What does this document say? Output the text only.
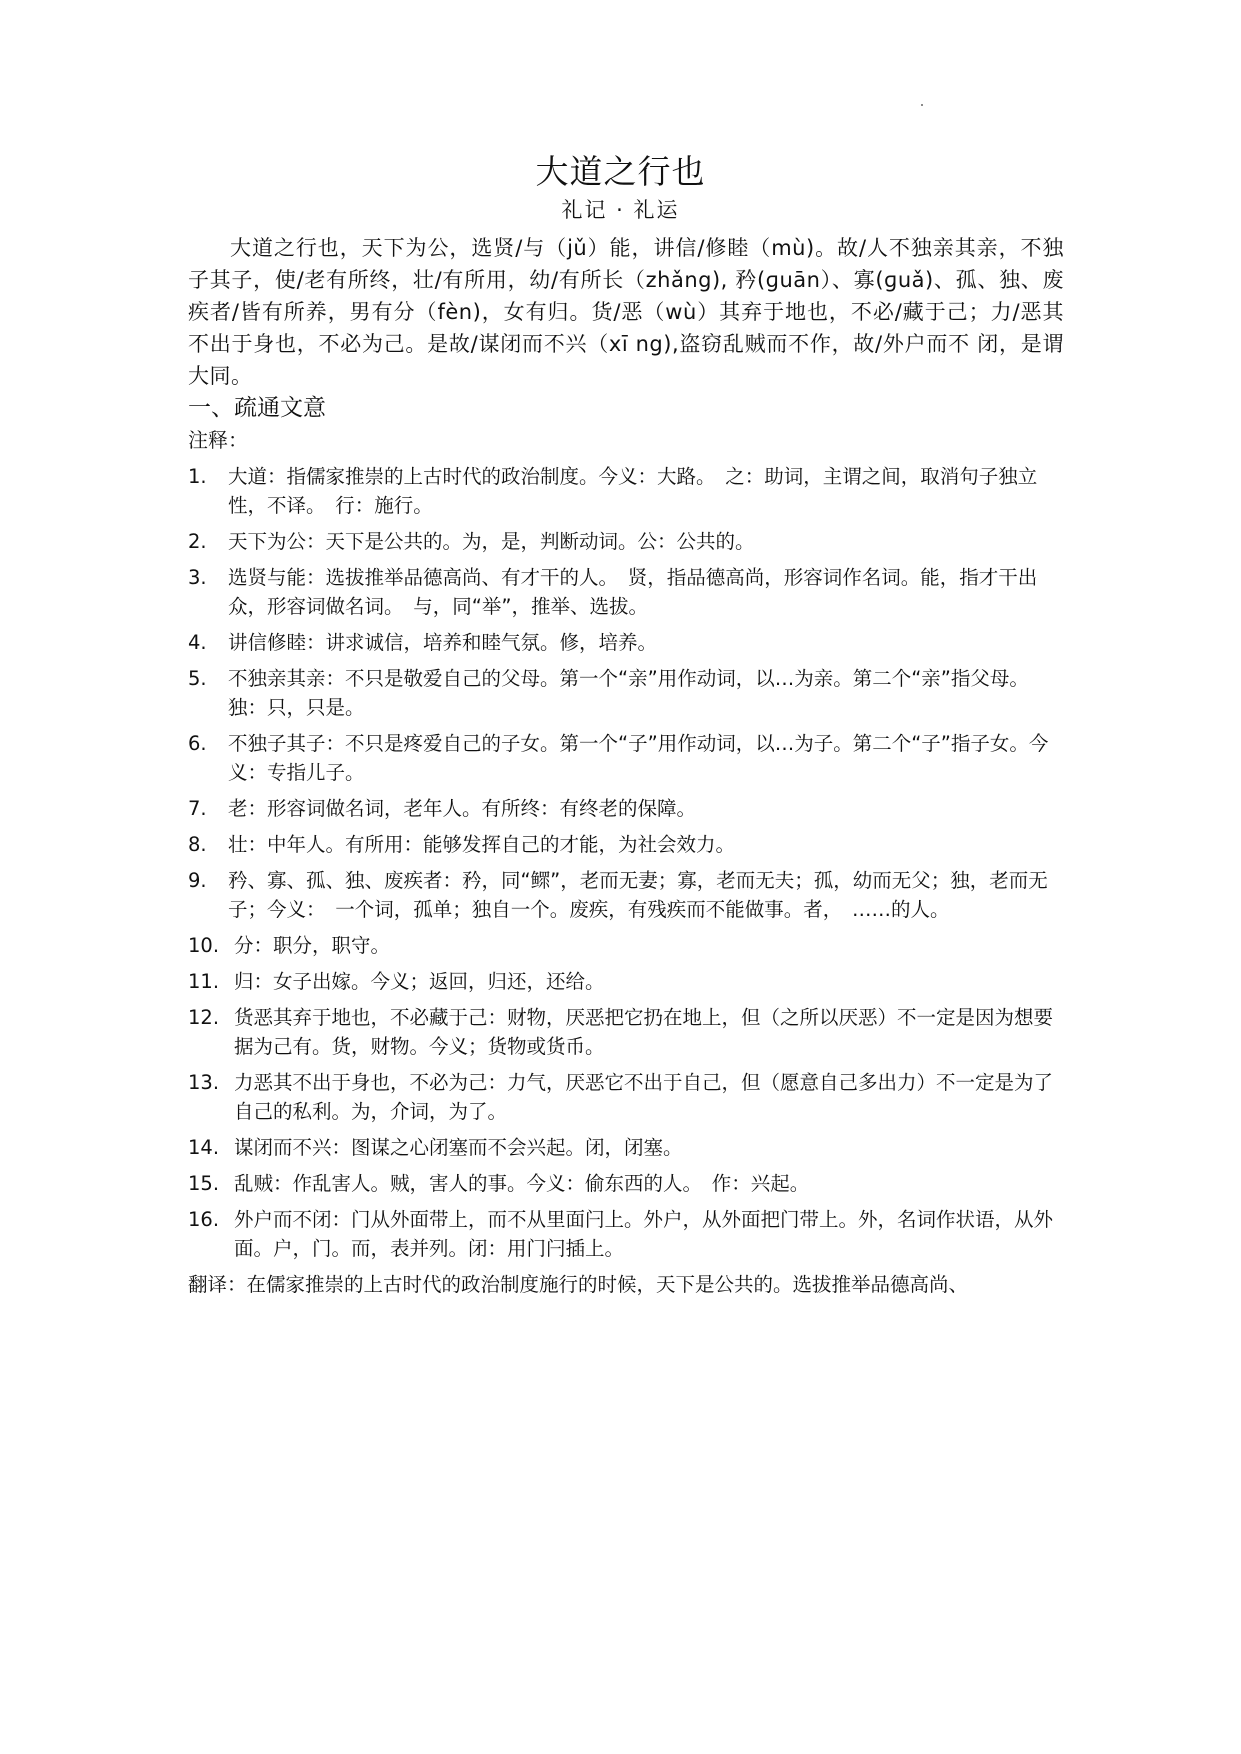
大道之行也
礼记 · 礼运

大道之行也，天下为公，选贤/与（jǔ）能，讲信/修睦（mù)。故/人不独亲其亲，不独子其子，使/老有所终，壮/有所用，幼/有所长（zhǎng), 矜(ɡuān）、寡(ɡuǎ)、孤、独、废疾者/皆有所养，男有分（fèn)，女有归。货/恶（wù）其弃于地也，不必/藏于己；力/恶其不出于身也，不必为己。是故/谋闭而不兴（xī ng),盗窃乱贼而不作，故/外户而不 闭，是谓大同。

一、疏通文意

注释：

1.	大道：指儒家推崇的上古时代的政治制度。今义：大路。　之：助词，主谓之间，取消句子独立性，不译。　行：施行。
2.	天下为公：天下是公共的。为，是，判断动词。公：公共的。
3.	选贤与能：选拔推举品德高尚、有才干的人。　贤，指品德高尚，形容词作名词。能，指才干出众，形容词做名词。　与，同“举”，推举、选拔。
4.	讲信修睦：讲求诚信，培养和睦气氛。修，培养。
5.	不独亲其亲：不只是敬爱自己的父母。第一个“亲”用作动词，以…为亲。第二个“亲”指父母。独：只，只是。
6.	不独子其子：不只是疼爱自己的子女。第一个“子”用作动词，以…为子。第二个“子”指子女。今义：专指儿子。
7.	老：形容词做名词，老年人。有所终：有终老的保障。
8.	壮：中年人。有所用：能够发挥自己的才能，为社会效力。
9.	矜、寡、孤、独、废疾者：矜，同“鳏”，老而无妻；寡，老而无夫；孤，幼而无父；独，老而无子；今义：　一个词，孤单；独自一个。废疾，有残疾而不能做事。者，　……的人。
10. 分：职分，职守。
11. 归：女子出嫁。今义；返回，归还，还给。
12. 货恶其弃于地也，不必藏于己：财物，厌恶把它扔在地上，但（之所以厌恶）不一定是因为想要据为己有。货，财物。今义；货物或货币。
13. 力恶其不出于身也，不必为己：力气，厌恶它不出于自己，但（愿意自己多出力）不一定是为了自己的私利。为，介词，为了。
14. 谋闭而不兴：图谋之心闭塞而不会兴起。闭，闭塞。
15. 乱贼：作乱害人。贼，害人的事。今义：偷东西的人。　作：兴起。
16. 外户而不闭：门从外面带上，而不从里面闩上。外户，从外面把门带上。外，名词作状语，从外面。户，门。而，表并列。闭：用门闩插上。

翻译：在儒家推崇的上古时代的政治制度施行的时候，天下是公共的。选拔推举品德高尚、
